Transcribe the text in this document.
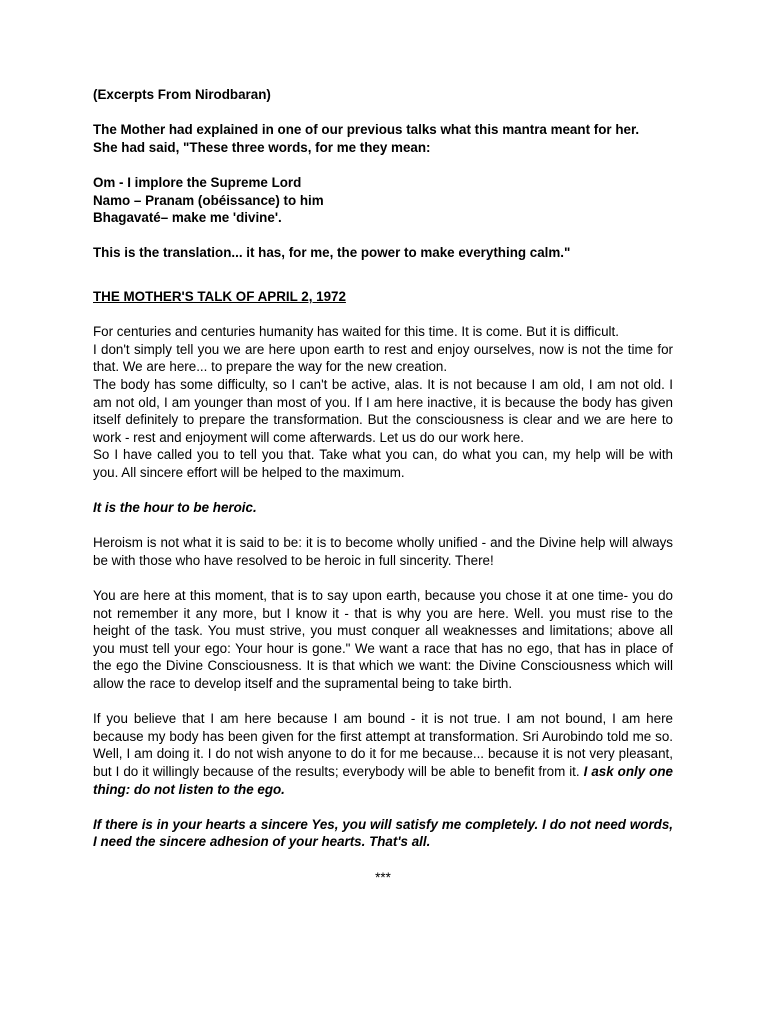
(Excerpts From Nirodbaran)

The Mother had explained in one of our previous talks what this mantra meant for her.
She had said, "These three words, for me they mean:

Om - I implore the Supreme Lord
Namo – Pranam (obéissance) to him
Bhagavaté– make me 'divine'.

This is the translation... it has, for me, the power to make everything calm."

THE MOTHER'S TALK OF APRIL 2, 1972

For centuries and centuries humanity has waited for this time. It is come. But it is difficult.
I don't simply tell you we are here upon earth to rest and enjoy ourselves, now is not the time for that. We are here... to prepare the way for the new creation.
The body has some difficulty, so I can't be active, alas. It is not because I am old, I am not old. I am not old, I am younger than most of you. If I am here inactive, it is because the body has given itself definitely to prepare the transformation. But the consciousness is clear and we are here to work - rest and enjoyment will come afterwards. Let us do our work here.
So I have called you to tell you that. Take what you can, do what you can, my help will be with you. All sincere effort will be helped to the maximum.

It is the hour to be heroic.

Heroism is not what it is said to be: it is to become wholly unified - and the Divine help will always be with those who have resolved to be heroic in full sincerity. There!

You are here at this moment, that is to say upon earth, because you chose it at one time- you do not remember it any more, but I know it - that is why you are here. Well. you must rise to the height of the task. You must strive, you must conquer all weaknesses and limitations; above all you must tell your ego: Your hour is gone." We want a race that has no ego, that has in place of the ego the Divine Consciousness. It is that which we want: the Divine Consciousness which will allow the race to develop itself and the supramental being to take birth.

If you believe that I am here because I am bound - it is not true. I am not bound, I am here because my body has been given for the first attempt at transformation. Sri Aurobindo told me so. Well, I am doing it. I do not wish anyone to do it for me because... because it is not very pleasant, but I do it willingly because of the results; everybody will be able to benefit from it. I ask only one thing: do not listen to the ego.

If there is in your hearts a sincere Yes, you will satisfy me completely. I do not need words, I need the sincere adhesion of your hearts. That's all.

***
